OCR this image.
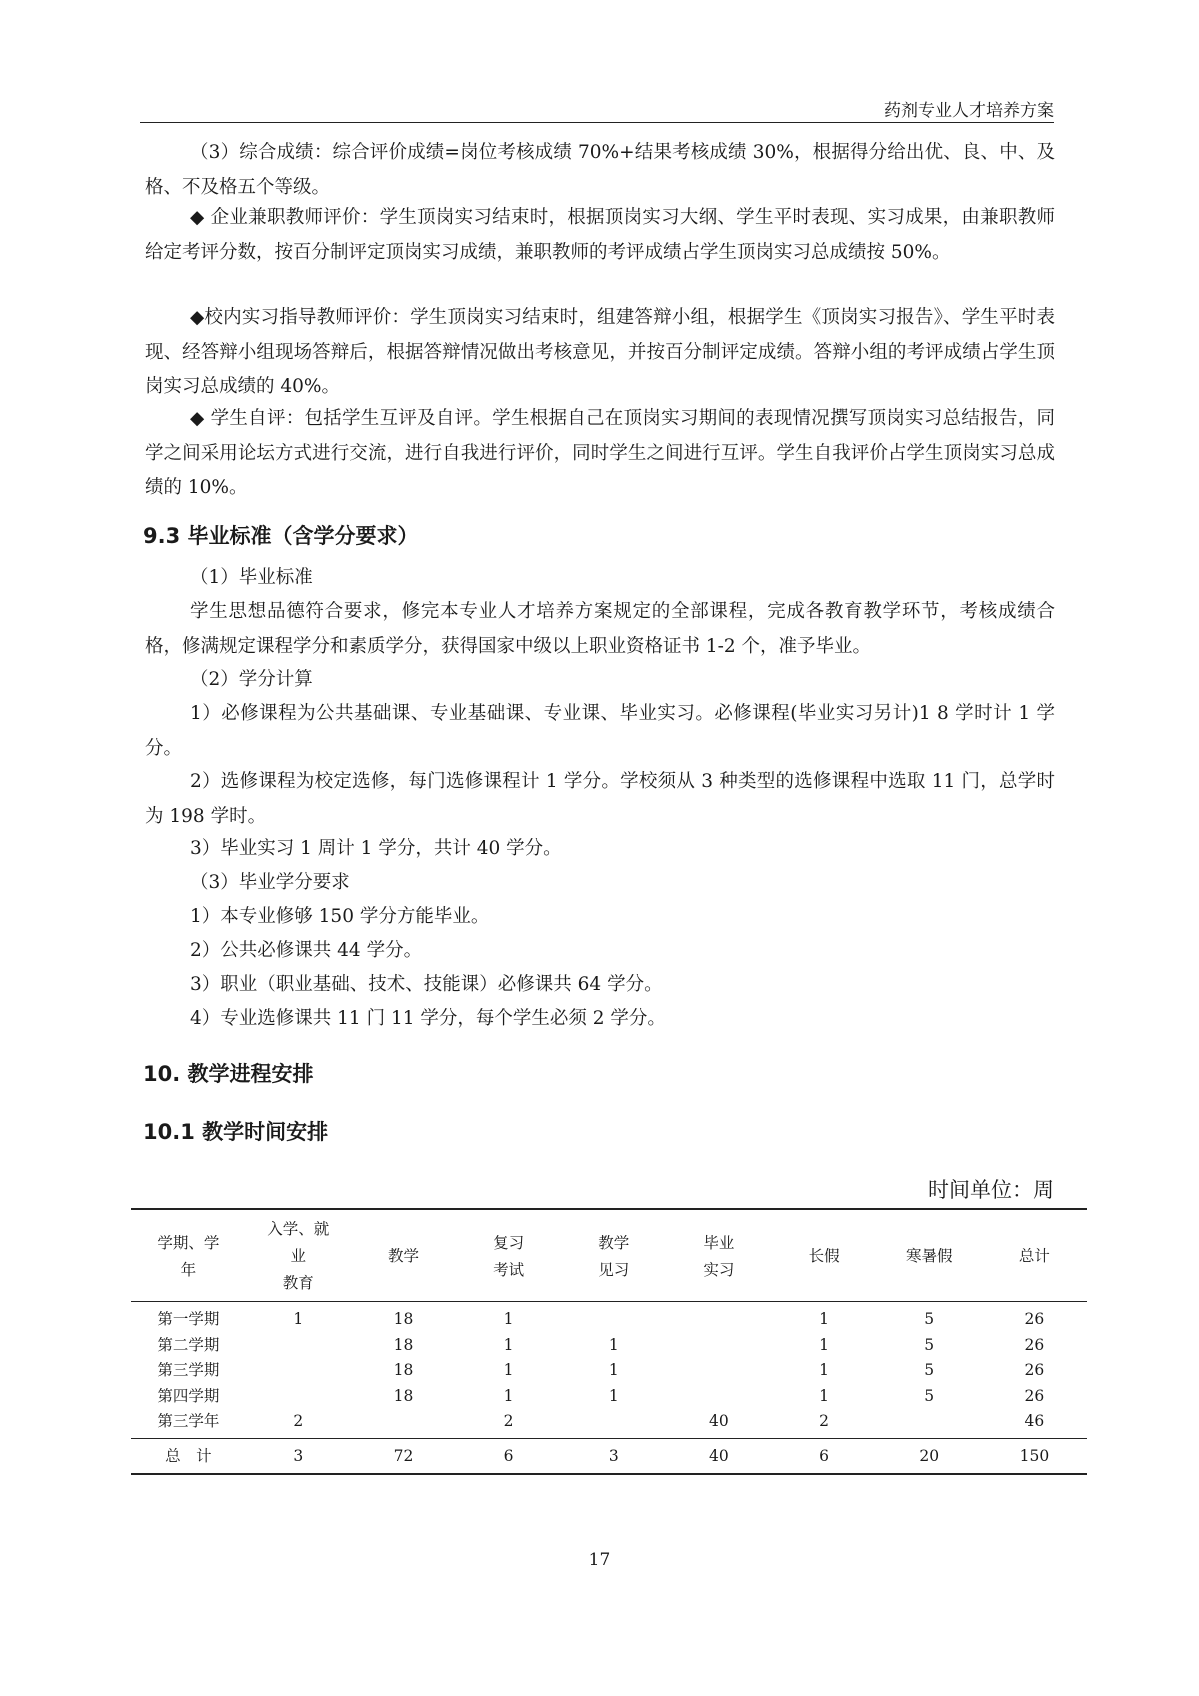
药剂专业人才培养方案

（3）综合成绩：综合评价成绩=岗位考核成绩 70%+结果考核成绩 30%，根据得分给出优、良、中、及格、不及格五个等级。

◆ 企业兼职教师评价：学生顶岗实习结束时，根据顶岗实习大纲、学生平时表现、实习成果，由兼职教师给定考评分数，按百分制评定顶岗实习成绩，兼职教师的考评成绩占学生顶岗实习总成绩按 50%。

◆校内实习指导教师评价：学生顶岗实习结束时，组建答辩小组，根据学生《顶岗实习报告》、学生平时表现、经答辩小组现场答辩后，根据答辩情况做出考核意见，并按百分制评定成绩。答辩小组的考评成绩占学生顶岗实习总成绩的 40%。

◆ 学生自评：包括学生互评及自评。学生根据自己在顶岗实习期间的表现情况撰写顶岗实习总结报告，同学之间采用论坛方式进行交流，进行自我进行评价，同时学生之间进行互评。学生自我评价占学生顶岗实习总成绩的 10%。

9.3 毕业标准（含学分要求）

（1）毕业标准

学生思想品德符合要求，修完本专业人才培养方案规定的全部课程，完成各教育教学环节，考核成绩合格，修满规定课程学分和素质学分，获得国家中级以上职业资格证书 1-2 个，准予毕业。

（2）学分计算

1）必修课程为公共基础课、专业基础课、专业课、毕业实习。必修课程(毕业实习另计)1 8 学时计 1 学分。

2）选修课程为校定选修，每门选修课程计 1 学分。学校须从 3 种类型的选修课程中选取 11 门，总学时为 198 学时。

3）毕业实习 1 周计 1 学分，共计 40 学分。

（3）毕业学分要求

1）本专业修够 150 学分方能毕业。

2）公共必修课共 44 学分。

3）职业（职业基础、技术、技能课）必修课共 64 学分。

4）专业选修课共 11 门 11 学分，每个学生必须 2 学分。

10. 教学进程安排
10.1 教学时间安排
时间单位：周
学期、学
年	入学、就
业
教育	教学	复习
考试	教学
见习	毕业
实习	长假	寒暑假	总计
第一学期	1	18	1			1	5	26
第二学期		18	1	1		1	5	26
第三学期		18	1	1		1	5	26
第四学期		18	1	1		1	5	26
第三学年	2		2		40	2		46
总　计	3	72	6	3	40	6	20	150
17
